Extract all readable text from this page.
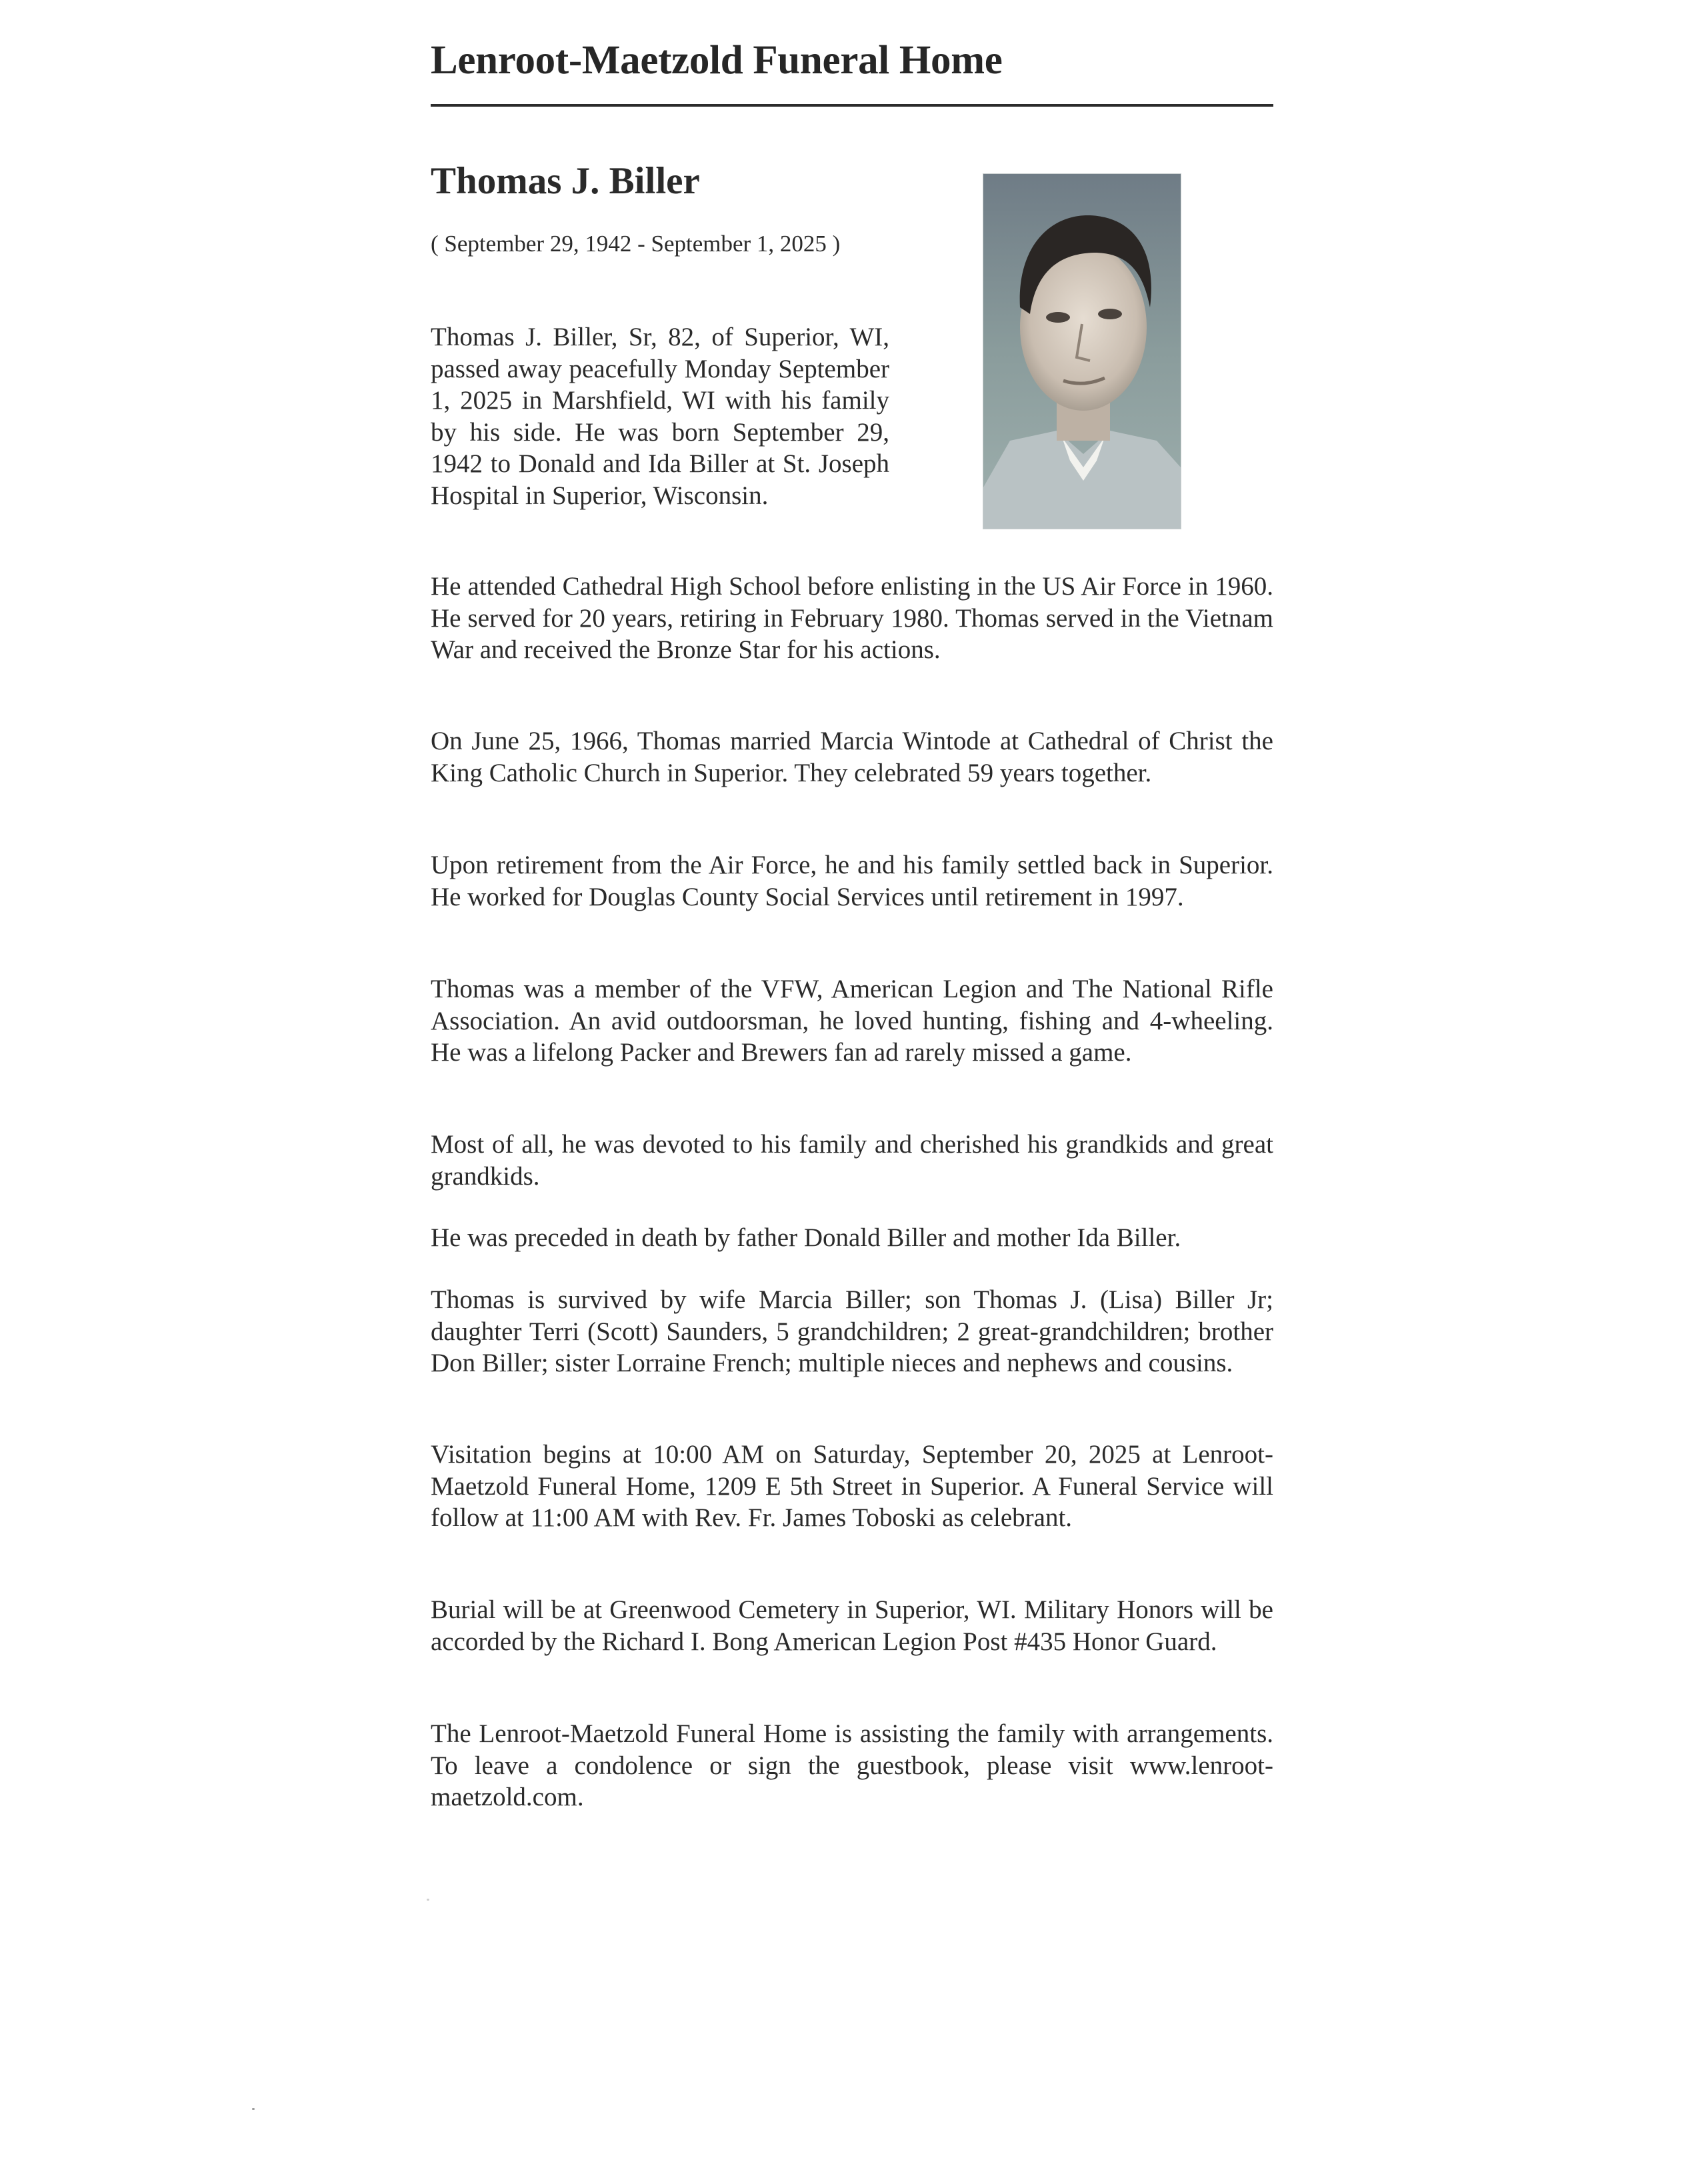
Lenroot-Maetzold Funeral Home
Thomas J. Biller
( September 29, 1942 - September 1, 2025 )

Thomas J. Biller, Sr, 82, of Superior, WI, passed away peacefully Monday September 1, 2025 in Marshfield, WI with his family by his side. He was born September 29, 1942 to Donald and Ida Biller at St. Joseph Hospital in Superior, Wisconsin.

He attended Cathedral High School before enlisting in the US Air Force in 1960. He served for 20 years, retiring in February 1980. Thomas served in the Vietnam War and received the Bronze Star for his actions.

On June 25, 1966, Thomas married Marcia Wintode at Cathedral of Christ the King Catholic Church in Superior. They celebrated 59 years together.

Upon retirement from the Air Force, he and his family settled back in Superior. He worked for Douglas County Social Services until retirement in 1997.

Thomas was a member of the VFW, American Legion and The National Rifle Association. An avid outdoorsman, he loved hunting, fishing and 4-wheeling. He was a lifelong Packer and Brewers fan ad rarely missed a game.

Most of all, he was devoted to his family and cherished his grandkids and great grandkids.

He was preceded in death by father Donald Biller and mother Ida Biller.

Thomas is survived by wife Marcia Biller; son Thomas J. (Lisa) Biller Jr; daughter Terri (Scott) Saunders, 5 grandchildren; 2 great-grandchildren; brother Don Biller; sister Lorraine French; multiple nieces and nephews and cousins.

Visitation begins at 10:00 AM on Saturday, September 20, 2025 at Lenroot-Maetzold Funeral Home, 1209 E 5th Street in Superior. A Funeral Service will follow at 11:00 AM with Rev. Fr. James Toboski as celebrant.

Burial will be at Greenwood Cemetery in Superior, WI. Military Honors will be accorded by the Richard I. Bong American Legion Post #435 Honor Guard.

The Lenroot-Maetzold Funeral Home is assisting the family with arrangements. To leave a condolence or sign the guestbook, please visit www.lenroot-maetzold.com.
